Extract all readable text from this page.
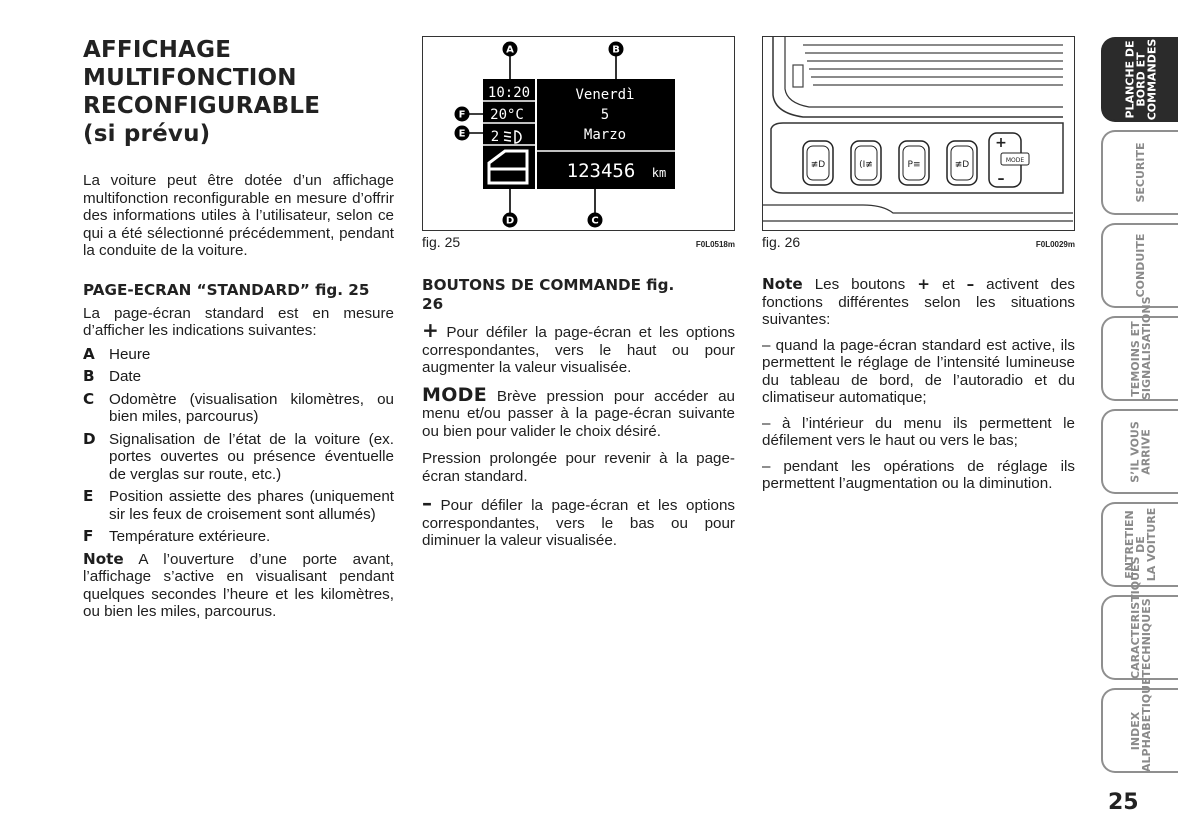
AFFICHAGE
MULTIFONCTION
RECONFIGURABLE
(si prévu)

La voiture peut être dotée d’un affichage multifonction reconfigurable en mesure d’offrir des informations utiles à l’utilisateur, selon ce qui a été sélectionné précédemment, pendant la conduite de la voiture.

PAGE-ECRAN “STANDARD” fig. 25

La page-écran standard est en mesure d’afficher les indications suivantes:

A Heure
B Date
C Odomètre (visualisation kilomètres, ou bien miles, parcourus)
D Signalisation de l’état de la voiture (ex. portes ouvertes ou présence éventuelle de verglas sur route, etc.)
E	Position assiette des phares (uniquement sir les feux de croisement sont allumés)
F	Température extérieure.

Note A l’ouverture d’une porte avant, l’affichage s’active en visualisant pendant quelques secondes l’heure et les kilomètres, ou bien les miles, parcourus.

10:20
20°C
2
Venerdì
5
Marzo
123456 km
A	B
F
E
D	C
fig. 25	F0L0518m
BOUTONS DE COMMANDE fig. 26

+ Pour défiler la page-écran et les options correspondantes, vers le haut ou pour augmenter la valeur visualisée.

MODE Brève pression pour accéder au menu et/ou passer à la page-écran suivante ou bien pour valider le choix désiré.

Pression prolongée pour revenir à la page-écran standard.

– Pour défiler la page-écran et les options correspondantes, vers le bas ou pour diminuer la valeur visualisée.

≢D	(I≢	P≡	≢D
+
–
MODE
fig. 26	F0L0029m

Note Les boutons + et – activent des fonctions différentes selon les situations suivantes:

– quand la page-écran standard est active, ils permettent le réglage de l’intensité lumineuse du tableau de bord, de l’autoradio et du climatiseur automatique;

– à l’intérieur du menu ils permettent le défilement vers le haut ou vers le bas;

– pendant les opérations de réglage ils permettent l’augmentation ou la diminution.

PLANCHE DE
BORD ET
COMMANDES
SECURITE
CONDUITE
TEMOINS ET
SIGNALISATIONS
S’IL VOUS
ARRIVE
ENTRETIEN DE
LA VOITURE
CARACTERISTIQUES
TECHNIQUES
INDEX
ALPHABETIQUE
25
